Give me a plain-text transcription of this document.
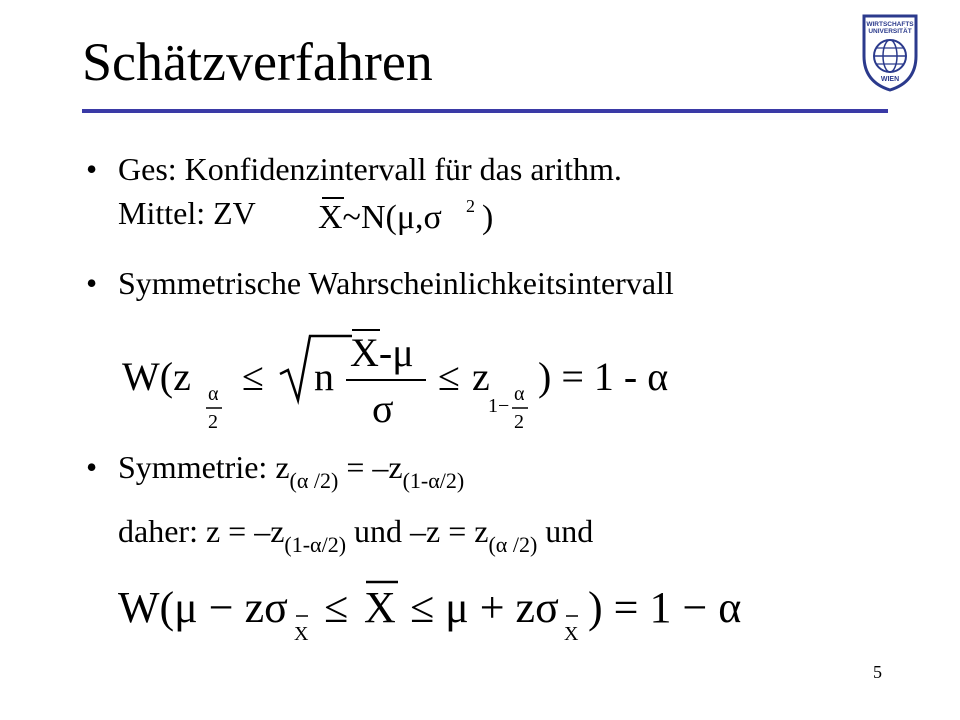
Schätzverfahren
WIRTSCHAFTS
UNIVERSITÄT
WIEN
• Ges: Konfidenzintervall für das arithm.
Mittel: ZV X~N(μ,σ 2 )
• Symmetrische Wahrscheinlichkeitsintervall
W(z α
2
≤ n
X-μ
σ
≤ z
1−
α
2
) = 1 - α
• Symmetrie: $z_{(\alpha /2)} = -z_{(1-\alpha/2)}$
daher: $z = -z_{(1-\alpha/2)}$ und $-z = z_{(\alpha /2)}$ und
W(μ − zσ
X
≤ X ≤ μ + zσ
X
) = 1 − α
5
